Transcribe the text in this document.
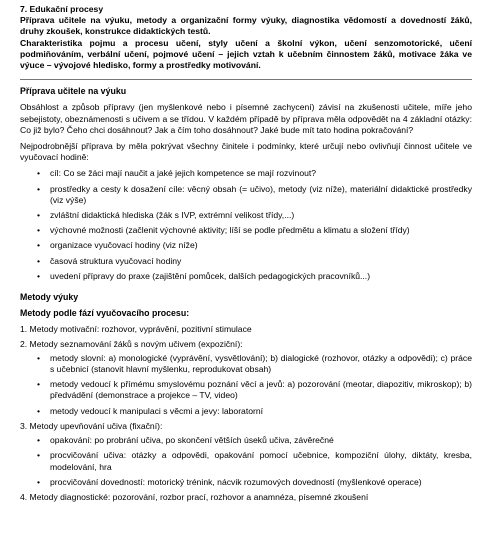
7. Edukační procesy

Příprava učitele na výuku, metody a organizační formy výuky, diagnostika vědomostí a dovedností žáků, druhy zkoušek, konstrukce didaktických testů.

Charakteristika pojmu a procesu učení, styly učení a školní výkon, učení senzomotorické, učení podmiňováním, verbální učení, pojmové učení – jejich vztah k učebním činnostem žáků, motivace žáka ve výuce – vývojové hledisko, formy a prostředky motivování.

Příprava učitele na výuku

Obsáhlost a způsob přípravy (jen myšlenkové nebo i písemné zachycení) závisí na zkušenosti učitele, míře jeho sebejistoty, obeznámenosti s učivem a se třídou. V každém případě by příprava měla odpovědět na 4 základní otázky: Co již bylo? Čeho chci dosáhnout? Jak a čím toho dosáhnout? Jaké bude mít tato hodina pokračování?

Nejpodrobnější příprava by měla pokrývat všechny činitele i podmínky, které určují nebo ovlivňují činnost učitele ve vyučovací hodině:

• cíl: Co se žáci mají naučit a jaké jejich kompetence se mají rozvinout?
• prostředky a cesty k dosažení cíle: věcný obsah (= učivo), metody (viz níže), materiální didaktické prostředky (viz výše)
• zvláštní didaktická hlediska (žák s IVP, extrémní velikost třídy,...)
• výchovné možnosti (začlenit výchovné aktivity; líší se podle předmětu a klimatu a složení třídy)
• organizace vyučovací hodiny (viz níže)
• časová struktura vyučovací hodiny
• uvedení přípravy do praxe (zajištění pomůcek, dalších pedagogických pracovníků...)
Metody výuky
Metody podle fází vyučovacího procesu:
1. Metody motivační: rozhovor, vyprávění, pozitivní stimulace
2. Metody seznamování žáků s novým učivem (expoziční):
• metody slovní: a) monologické (vyprávění, vysvětlování); b) dialogické (rozhovor, otázky a odpovědi); c) práce s učebnicí (stanovit hlavní myšlenku, reprodukovat obsah)
• metody vedoucí k přímému smyslovému poznání věcí a jevů: a) pozorování (meotar, diapozitiv, mikroskop); b) předvádění (demonstrace a projekce – TV, video)
• metody vedoucí k manipulaci s věcmi a jevy: laboratorní
3. Metody upevňování učiva (fixační):
• opakování: po probrání učiva, po skončení větších úseků učiva, závěrečné
• procvičování učiva: otázky a odpovědi, opakování pomocí učebnice, kompoziční úlohy, diktáty, kresba, modelování, hra
• procvičování dovedností: motorický trénink, nácvik rozumových dovedností (myšlenkové operace)
4. Metody diagnostické: pozorování, rozbor prací, rozhovor a anamnéza, písemné zkoušení
